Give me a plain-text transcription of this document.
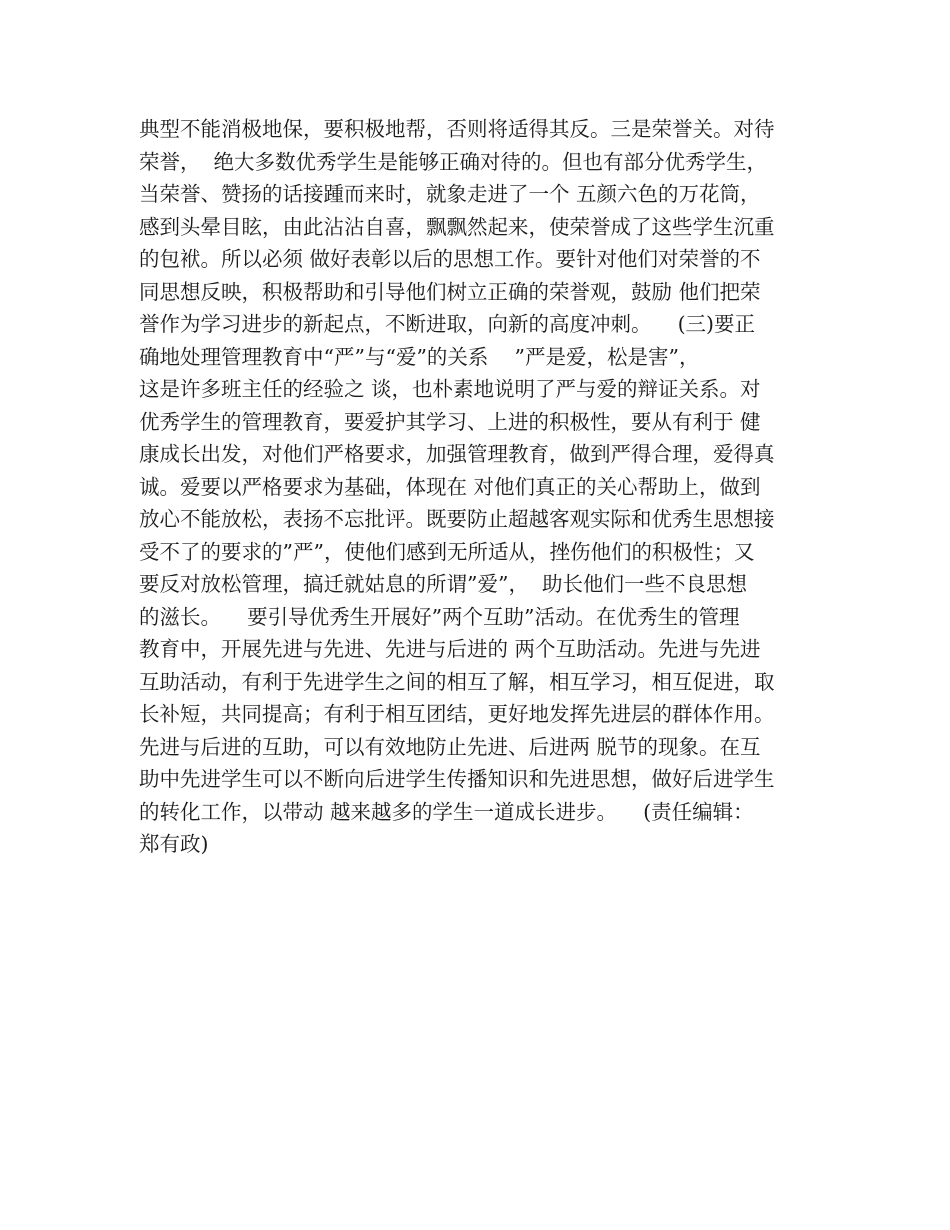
典型不能消极地保，要积极地帮，否则将适得其反。三是荣誉关。对待
荣誉，  绝大多数优秀学生是能够正确对待的。但也有部分优秀学生，
当荣誉、赞扬的话接踵而来时，就象走进了一个 五颜六色的万花筒，
感到头晕目眩，由此沾沾自喜，飘飘然起来，使荣誉成了这些学生沉重
的包袱。所以必须 做好表彰以后的思想工作。要针对他们对荣誉的不
同思想反映，积极帮助和引导他们树立正确的荣誉观，鼓励 他们把荣
誉作为学习进步的新起点，不断进取，向新的高度冲刺。    (三)要正
确地处理管理教育中“严”与“爱”的关系    ”严是爱，松是害”，
这是许多班主任的经验之 谈，也朴素地说明了严与爱的辩证关系。对
优秀学生的管理教育，要爱护其学习、上进的积极性，要从有利于 健
康成长出发，对他们严格要求，加强管理教育，做到严得合理，爱得真
诚。爱要以严格要求为基础，体现在 对他们真正的关心帮助上，做到
放心不能放松，表扬不忘批评。既要防止超越客观实际和优秀生思想接
受不了的要求的”严”，使他们感到无所适从，挫伤他们的积极性；又
要反对放松管理，搞迁就姑息的所谓”爱”，  助长他们一些不良思想
的滋长。    要引导优秀生开展好”两个互助”活动。在优秀生的管理
教育中，开展先进与先进、先进与后进的 两个互助活动。先进与先进
互助活动，有利于先进学生之间的相互了解，相互学习，相互促进，取
长补短，共同提高；有利于相互团结，更好地发挥先进层的群体作用。
先进与后进的互助，可以有效地防止先进、后进两 脱节的现象。在互
助中先进学生可以不断向后进学生传播知识和先进思想，做好后进学生
的转化工作，以带动 越来越多的学生一道成长进步。    (责任编辑：
郑有政)
